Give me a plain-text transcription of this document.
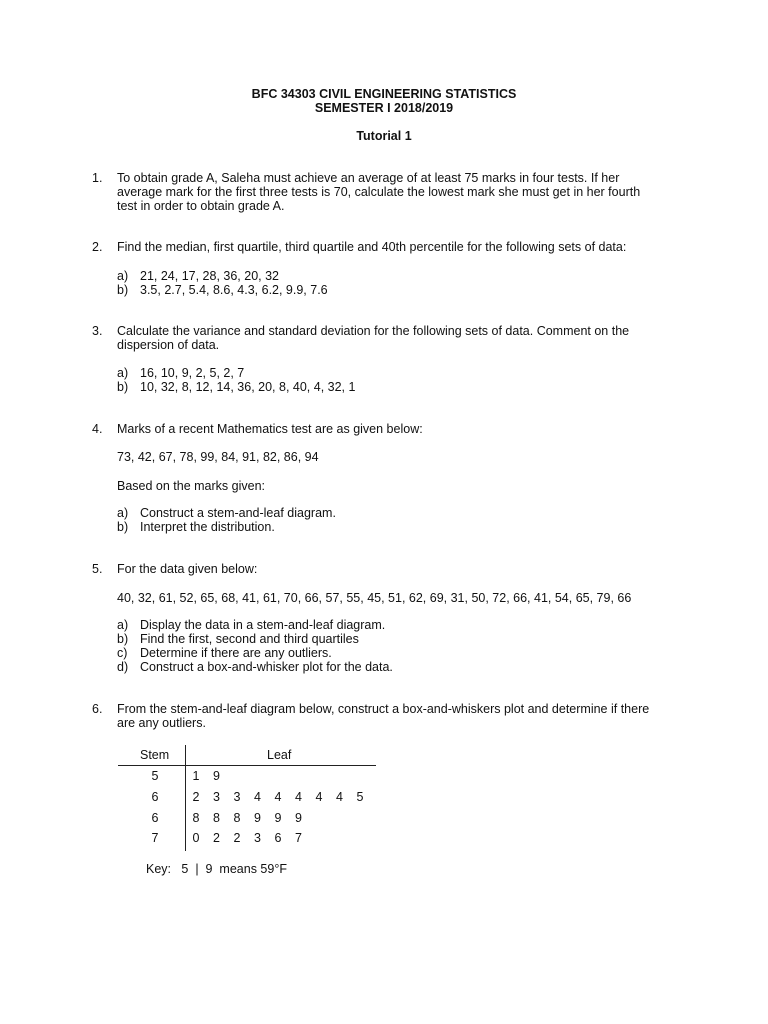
BFC 34303 CIVIL ENGINEERING STATISTICS
SEMESTER I 2018/2019
Tutorial 1
1. To obtain grade A, Saleha must achieve an average of at least 75 marks in four tests. If her
average mark for the first three tests is 70, calculate the lowest mark she must get in her fourth
test in order to obtain grade A.
2. Find the median, first quartile, third quartile and 40th percentile for the following sets of data:
a) 21, 24, 17, 28, 36, 20, 32
b) 3.5, 2.7, 5.4, 8.6, 4.3, 6.2, 9.9, 7.6
3. Calculate the variance and standard deviation for the following sets of data. Comment on the
dispersion of data.
a) 16, 10, 9, 2, 5, 2, 7
b) 10, 32, 8, 12, 14, 36, 20, 8, 40, 4, 32, 1
4. Marks of a recent Mathematics test are as given below:
73, 42, 67, 78, 99, 84, 91, 82, 86, 94
Based on the marks given:
a) Construct a stem-and-leaf diagram.
b) Interpret the distribution.
5. For the data given below:
40, 32, 61, 52, 65, 68, 41, 61, 70, 66, 57, 55, 45, 51, 62, 69, 31, 50, 72, 66, 41, 54, 65, 79, 66
a) Display the data in a stem-and-leaf diagram.
b) Find the first, second and third quartiles
c) Determine if there are any outliers.
d) Construct a box-and-whisker plot for the data.
6. From the stem-and-leaf diagram below, construct a box-and-whiskers plot and determine if there
are any outliers.
Stem	Leaf
5	1 9
6	2 3 3 4 4 4 4 4 5
6	8 8 8 9 9 9
7	0 2 2 3 6 7
Key:   5  |  9  means 59°F
